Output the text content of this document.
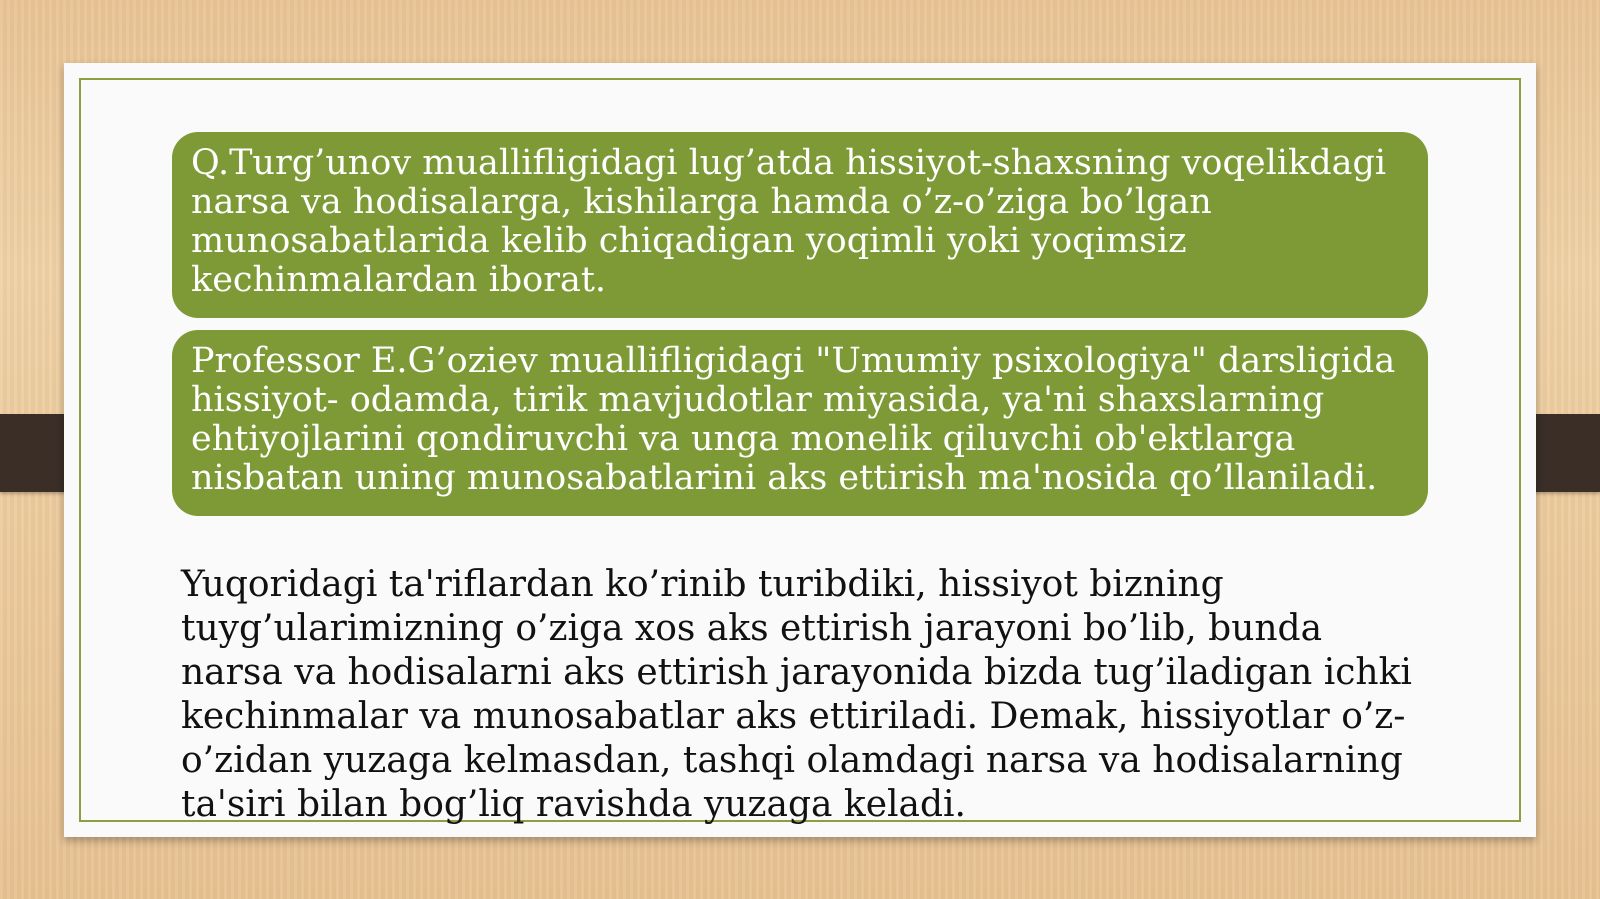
Q.Turg’unov muallifligidagi lug’atda hissiyot-shaxsning voqelikdagi narsa va hodisalarga, kishilarga hamda o’z-o’ziga bo’lgan munosabatlarida kelib chiqadigan yoqimli yoki yoqimsiz kechinmalardan iborat.
Professor E.G’oziev muallifligidagi "Umumiy psixologiya" darsligida hissiyot- odamda, tirik mavjudotlar miyasida, ya'ni shaxslarning ehtiyojlarini qondiruvchi va unga monelik qiluvchi ob'ektlarga nisbatan uning munosabatlarini aks ettirish ma'nosida qo’llaniladi.
Yuqoridagi ta'riflardan ko’rinib turibdiki, hissiyot bizning tuyg’ularimizning o’ziga xos aks ettirish jarayoni bo’lib, bunda narsa va hodisalarni aks ettirish jarayonida bizda tug’iladigan ichki kechinmalar va munosabatlar aks ettiriladi. Demak, hissiyotlar o’z-o’zidan yuzaga kelmasdan, tashqi olamdagi narsa va hodisalarning ta'siri bilan bog’liq ravishda yuzaga keladi.
